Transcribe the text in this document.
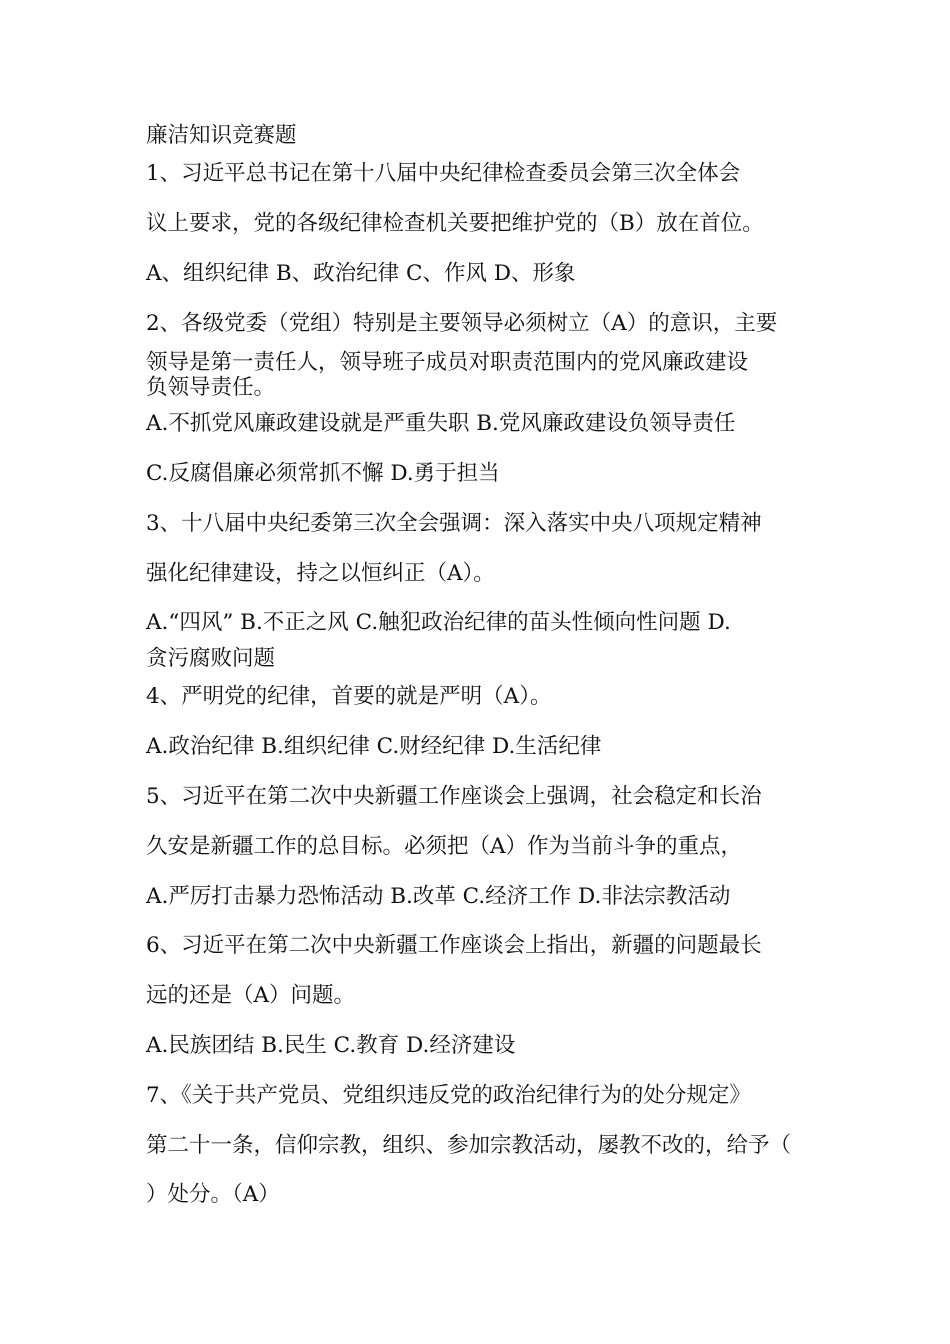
廉洁知识竞赛题

1、习近平总书记在第十八届中央纪律检查委员会第三次全体会

议上要求，党的各级纪律检查机关要把维护党的（B）放在首位。

A、组织纪律 B、政治纪律 C、作风 D、形象

2、各级党委（党组）特别是主要领导必须树立（A）的意识，主要

领导是第一责任人，领导班子成员对职责范围内的党风廉政建设

负领导责任。

A.不抓党风廉政建设就是严重失职 B.党风廉政建设负领导责任

C.反腐倡廉必须常抓不懈 D.勇于担当

3、十八届中央纪委第三次全会强调：深入落实中央八项规定精神

强化纪律建设，持之以恒纠正（A）。

A.“四风” B.不正之风 C.触犯政治纪律的苗头性倾向性问题 D.

贪污腐败问题

4、严明党的纪律，首要的就是严明（A）。

A.政治纪律 B.组织纪律 C.财经纪律 D.生活纪律

5、习近平在第二次中央新疆工作座谈会上强调，社会稳定和长治

久安是新疆工作的总目标。必须把（A）作为当前斗争的重点，

A.严厉打击暴力恐怖活动 B.改革 C.经济工作 D.非法宗教活动

6、习近平在第二次中央新疆工作座谈会上指出，新疆的问题最长

远的还是（A）问题。

A.民族团结 B.民生 C.教育 D.经济建设

7、《关于共产党员、党组织违反党的政治纪律行为的处分规定》

第二十一条，信仰宗教，组织、参加宗教活动，屡教不改的，给予（

）处分。（A）
